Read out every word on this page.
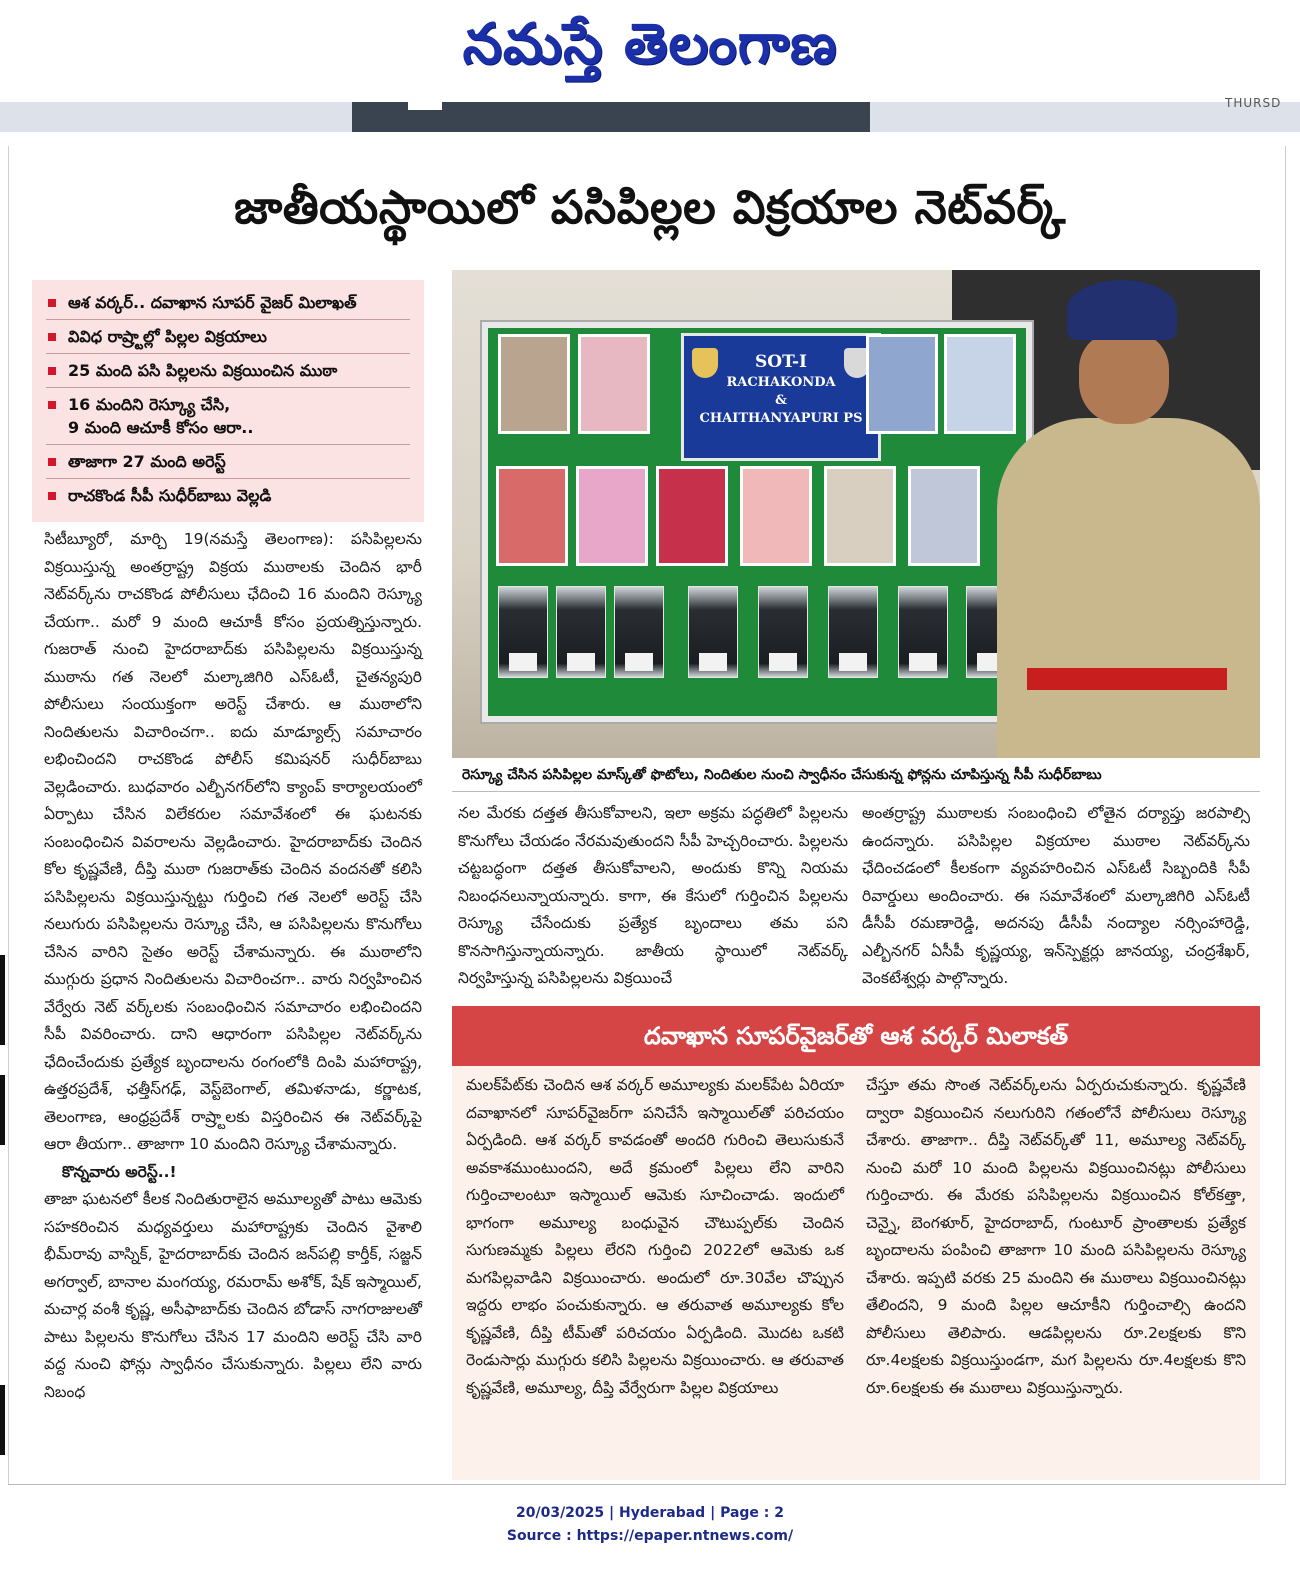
నమస్తే తెలంగాణ
THURSD
జాతీయస్థాయిలో పసిపిల్లల విక్రయాల నెట్‌వర్క్
ఆశ వర్కర్.. దవాఖాన సూపర్ వైజర్ మిలాఖత్
వివిధ రాష్ర్టాల్లో పిల్లల విక్రయాలు
25 మంది పసి పిల్లలను విక్రయించిన ముఠా
16 మందిని రెస్క్యూ చేసి,
9 మంది ఆచూకీ కోసం ఆరా..
తాజాగా 27 మంది అరెస్ట్
రాచకొండ సీపీ సుధీర్‌బాబు వెల్లడి
SOT-I
RACHAKONDA
&
CHAITHANYAPURI PS
రెస్క్యూ చేసిన పసిపిల్లల మాస్క్‌తో ఫొటోలు, నిందితుల నుంచి స్వాధీనం చేసుకున్న ఫోన్లను చూపిస్తున్న సీపీ సుధీర్‌బాబు

సిటీబ్యూరో, మార్చి 19(నమస్తే తెలంగాణ): పసిపిల్లలను విక్రయిస్తున్న అంతర్రాష్ట్ర విక్రయ ముఠాలకు చెందిన భారీ నెట్‌వర్క్‌ను రాచకొండ పోలీసులు ఛేదించి 16 మందిని రెస్క్యూ చేయగా.. మరో 9 మంది ఆచూకీ కోసం ప్రయత్నిస్తున్నారు. గుజరాత్ నుంచి హైదరాబాద్‌కు పసిపిల్లలను విక్రయిస్తున్న ముఠాను గత నెలలో మల్కాజిగిరి ఎస్‌ఓటీ, చైతన్యపురి పోలీసులు సంయుక్తంగా అరెస్ట్ చేశారు. ఆ ముఠాలోని నిందితులను విచారించగా.. ఐదు మాడ్యూల్స్ సమాచారం లభించిందని రాచకొండ పోలీస్ కమిషనర్ సుధీర్‌బాబు వెల్లడించారు. బుధవారం ఎల్బీనగర్‌లోని క్యాంప్ కార్యాలయంలో ఏర్పాటు చేసిన విలేకరుల సమావేశంలో ఈ ఘటనకు సంబంధించిన వివరాలను వెల్లడించారు. హైదరాబాద్‌కు చెందిన కోల కృష్ణవేణి, దీప్తి ముఠా గుజరాత్‌కు చెందిన వందనతో కలిసి పసిపిల్లలను విక్రయిస్తున్నట్టు గుర్తించి గత నెలలో అరెస్ట్ చేసి నలుగురు పసిపిల్లలను రెస్క్యూ చేసి, ఆ పసిపిల్లలను కొనుగోలు చేసిన వారిని సైతం అరెస్ట్ చేశామన్నారు. ఈ ముఠాలోని ముగ్గురు ప్రధాన నిందితులను విచారించగా.. వారు నిర్వహించిన వేర్వేరు నెట్ వర్క్‌లకు సంబంధించిన సమాచారం లభించిందని సీపీ వివరించారు. దాని ఆధారంగా పసిపిల్లల నెట్‌వర్క్‌ను ఛేదించేందుకు ప్రత్యేక బృందాలను రంగంలోకి దింపి మహారాష్ట్ర, ఉత్తరప్రదేశ్, ఛత్తీస్‌గఢ్, వెస్ట్‌బెంగాల్, తమిళనాడు, కర్ణాటక, తెలంగాణ, ఆంధ్రప్రదేశ్ రాష్ర్టాలకు విస్తరించిన ఈ నెట్‌వర్క్‌పై ఆరా తీయగా.. తాజాగా 10 మందిని రెస్క్యూ చేశామన్నారు.

కొన్నవారు అరెస్ట్..!

తాజా ఘటనలో కీలక నిందితురాలైన అమూల్యతో పాటు ఆమెకు సహకరించిన మధ్యవర్తులు మహారాష్ట్రకు చెందిన వైశాలి భీమ్‌రావు వాస్నిక్, హైదరాబాద్‌కు చెందిన జన్‌పల్లి కార్తీక్, సజ్జన్ అగర్వాల్, బానాల మంగయ్య, రమరామ్ అశోక్, షేక్ ఇస్మాయిల్, మచార్ల వంశీ కృష్ణ, అసీఫాబాద్‌కు చెందిన బోడాస్ నాగరాజులతో పాటు పిల్లలను కొనుగోలు చేసిన 17 మందిని అరెస్ట్ చేసి వారి వద్ద నుంచి ఫోన్లు స్వాధీనం చేసుకున్నారు. పిల్లలు లేని వారు నిబంధ

నల మేరకు దత్తత తీసుకోవాలని, ఇలా అక్రమ పద్ధతిలో పిల్లలను కొనుగోలు చేయడం నేరమవుతుందని సీపీ హెచ్చరించారు. పిల్లలను చట్టబద్ధంగా దత్తత తీసుకోవాలని, అందుకు కొన్ని నియమ నిబంధనలున్నాయన్నారు. కాగా, ఈ కేసులో గుర్తించిన పిల్లలను రెస్క్యూ చేసేందుకు ప్రత్యేక బృందాలు తమ పని కొనసాగిస్తున్నాయన్నారు. జాతీయ స్థాయిలో నెట్‌వర్క్ నిర్వహిస్తున్న పసిపిల్లలను విక్రయించే

అంతర్రాష్ట్ర ముఠాలకు సంబంధించి లోతైన దర్యాప్తు జరపాల్సి ఉందన్నారు. పసిపిల్లల విక్రయాల ముఠాల నెట్‌వర్క్‌ను ఛేదించడంలో కీలకంగా వ్యవహరించిన ఎస్‌ఓటీ సిబ్బందికి సీపీ రివార్డులు అందించారు. ఈ సమావేశంలో మల్కాజిగిరి ఎస్‌ఓటీ డీసీపీ రమణారెడ్డి, అదనపు డీసీపీ నంద్యాల నర్సింహారెడ్డి, ఎల్బీనగర్ ఏసీపీ కృష్ణయ్య, ఇన్‌స్పెక్టర్లు జానయ్య, చంద్రశేఖర్, వెంకటేశ్వర్లు పాల్గొన్నారు.

దవాఖాన సూపర్‌వైజర్‌తో ఆశ వర్కర్ మిలాకత్

మలక్‌పేట్‌కు చెందిన ఆశ వర్కర్ అమూల్యకు మలక్‌పేట ఏరియా దవాఖానలో సూపర్‌వైజర్‌గా పనిచేసే ఇస్మాయిల్‌తో పరిచయం ఏర్పడింది. ఆశ వర్కర్ కావడంతో అందరి గురించి తెలుసుకునే అవకాశముంటుందని, అదే క్రమంలో పిల్లలు లేని వారిని గుర్తించాలంటూ ఇస్మాయిల్ ఆమెకు సూచించాడు. ఇందులో భాగంగా అమూల్య బంధువైన చౌటుప్పల్‌కు చెందిన సుగుణమ్మకు పిల్లలు లేరని గుర్తించి 2022లో ఆమెకు ఒక మగపిల్లవాడిని విక్రయించారు. అందులో రూ.30వేల చొప్పున ఇద్దరు లాభం పంచుకున్నారు. ఆ తరువాత అమూల్యకు కోల కృష్ణవేణి, దీప్తి టీమ్‌తో పరిచయం ఏర్పడింది. మొదట ఒకటి రెండుసార్లు ముగ్గురు కలిసి పిల్లలను విక్రయించారు. ఆ తరువాత కృష్ణవేణి, అమూల్య, దీప్తి వేర్వేరుగా పిల్లల విక్రయాలు

చేస్తూ తమ సొంత నెట్‌వర్క్‌లను ఏర్పరుచుకున్నారు. కృష్ణవేణి ద్వారా విక్రయించిన నలుగురిని గతంలోనే పోలీసులు రెస్క్యూ చేశారు. తాజాగా.. దీప్తి నెట్‌వర్క్‌తో 11, అమూల్య నెట్‌వర్క్ నుంచి మరో 10 మంది పిల్లలను విక్రయించినట్లు పోలీసులు గుర్తించారు. ఈ మేరకు పసిపిల్లలను విక్రయించిన కోల్‌కత్తా, చెన్నై, బెంగళూర్, హైదరాబాద్, గుంటూర్ ప్రాంతాలకు ప్రత్యేక బృందాలను పంపించి తాజాగా 10 మంది పసిపిల్లలను రెస్క్యూ చేశారు. ఇప్పటి వరకు 25 మందిని ఈ ముఠాలు విక్రయించినట్లు తేలిందని, 9 మంది పిల్లల ఆచూకీని గుర్తించాల్సి ఉందని పోలీసులు తెలిపారు. ఆడపిల్లలను రూ.2లక్షలకు కొని రూ.4లక్షలకు విక్రయిస్తుండగా, మగ పిల్లలను రూ.4లక్షలకు కొని రూ.6లక్షలకు ఈ ముఠాలు విక్రయిస్తున్నారు.

20/03/2025 | Hyderabad | Page : 2
Source : https://epaper.ntnews.com/
